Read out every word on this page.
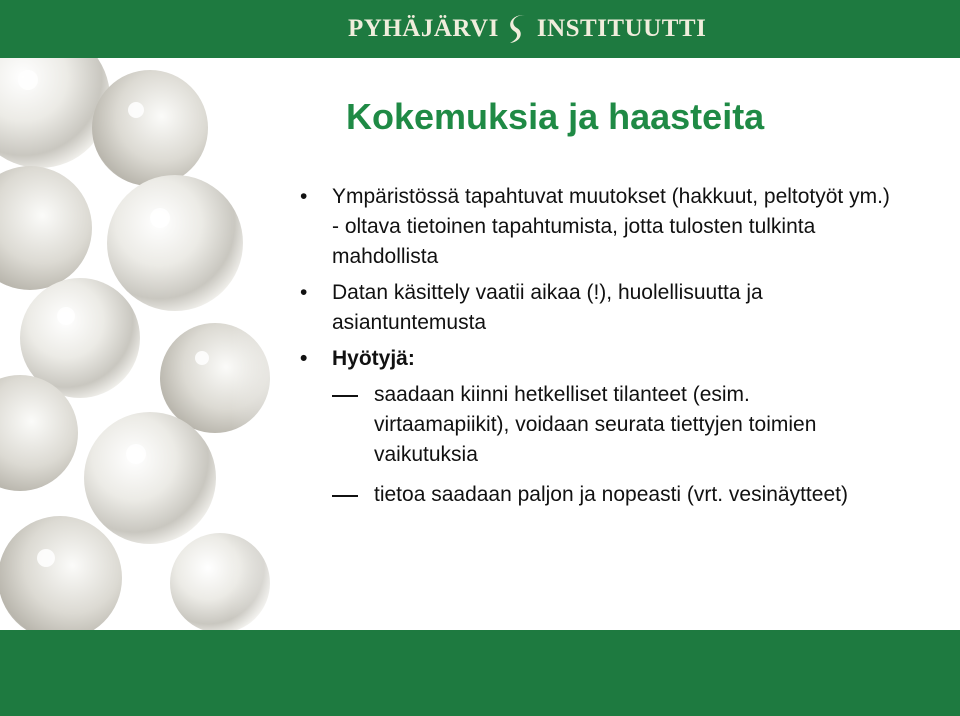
PYHÄJÄRVI INSTITUUTTI
Kokemuksia ja haasteita

• Ympäristössä tapahtuvat muutokset (hakkuut, peltotyöt ym.) - oltava tietoinen tapahtumista, jotta tulosten tulkinta mahdollista

• Datan käsittely vaatii aikaa (!), huolellisuutta ja asiantuntemusta

• Hyötyjä:

saadaan kiinni hetkelliset tilanteet (esim. virtaamapiikit), voidaan seurata tiettyjen toimien vaikutuksia

tietoa saadaan paljon ja nopeasti (vrt. vesinäytteet)
